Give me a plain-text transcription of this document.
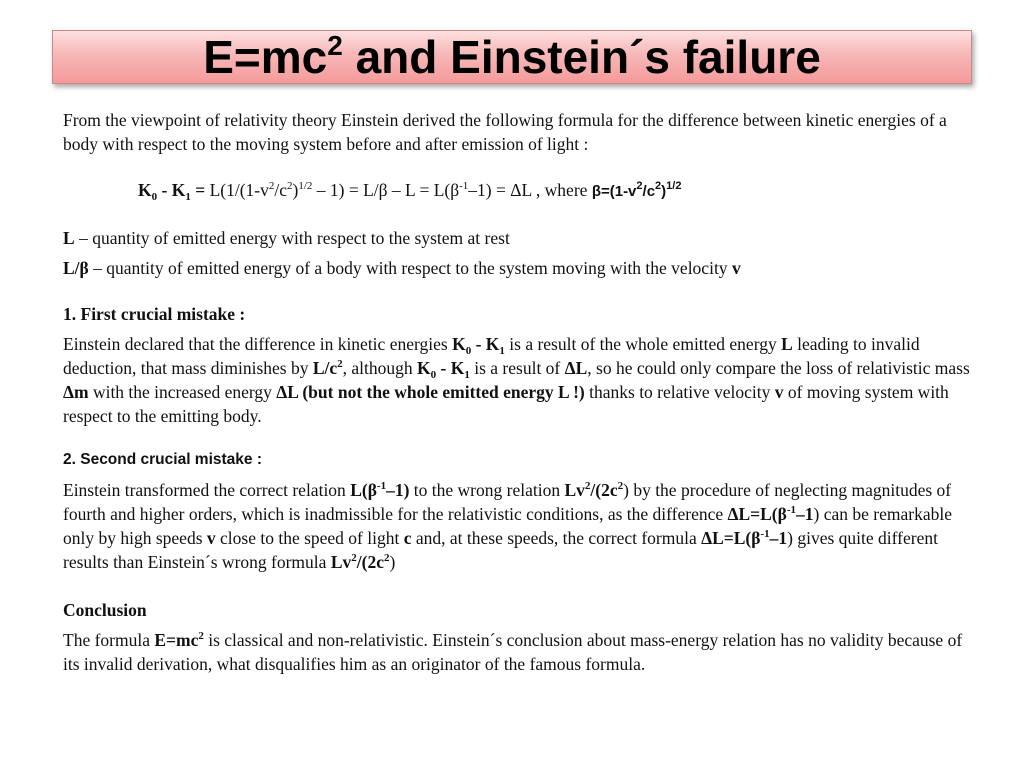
$E=mc^2$ and Einstein´s failure

From the viewpoint of relativity theory Einstein derived the following formula for the difference between kinetic energies of a body with respect to the moving system before and after emission of light :

$K_0 - K_1 = L(1/(1-v^2/c^2)^{1/2} - 1) = L/\beta - L = L(\beta^{-1}-1) = \Delta L$ , where $\beta=(1-v^2/c^2)^{1/2}$

L – quantity of emitted energy with respect to the system at rest

L/β – quantity of emitted energy of a body with respect to the system moving with the velocity v

1. First crucial mistake :

Einstein declared that the difference in kinetic energies $K_0 - K_1$ is a result of the whole emitted energy L leading to invalid deduction, that mass diminishes by $L/c^2$, although $K_0 - K_1$ is a result of ΔL, so he could only compare the loss of relativistic mass Δm with the increased energy ΔL (but not the whole emitted energy L !) thanks to relative velocity v of moving system with respect to the emitting body.

2. Second crucial mistake :

Einstein transformed the correct relation $L(\beta^{-1}-1)$ to the wrong relation $Lv^2/(2c^2)$ by the procedure of neglecting magnitudes of fourth and higher orders, which is inadmissible for the relativistic conditions, as the difference $\Delta L=L(\beta^{-1}-1)$ can be remarkable only by high speeds v close to the speed of light c and, at these speeds, the correct formula $\Delta L=L(\beta^{-1}-1)$ gives quite different results than Einstein´s wrong formula $Lv^2/(2c^2)$

Conclusion

The formula $E=mc^2$ is classical and non-relativistic. Einstein´s conclusion about mass-energy relation has no validity because of its invalid derivation, what disqualifies him as an originator of the famous formula.
